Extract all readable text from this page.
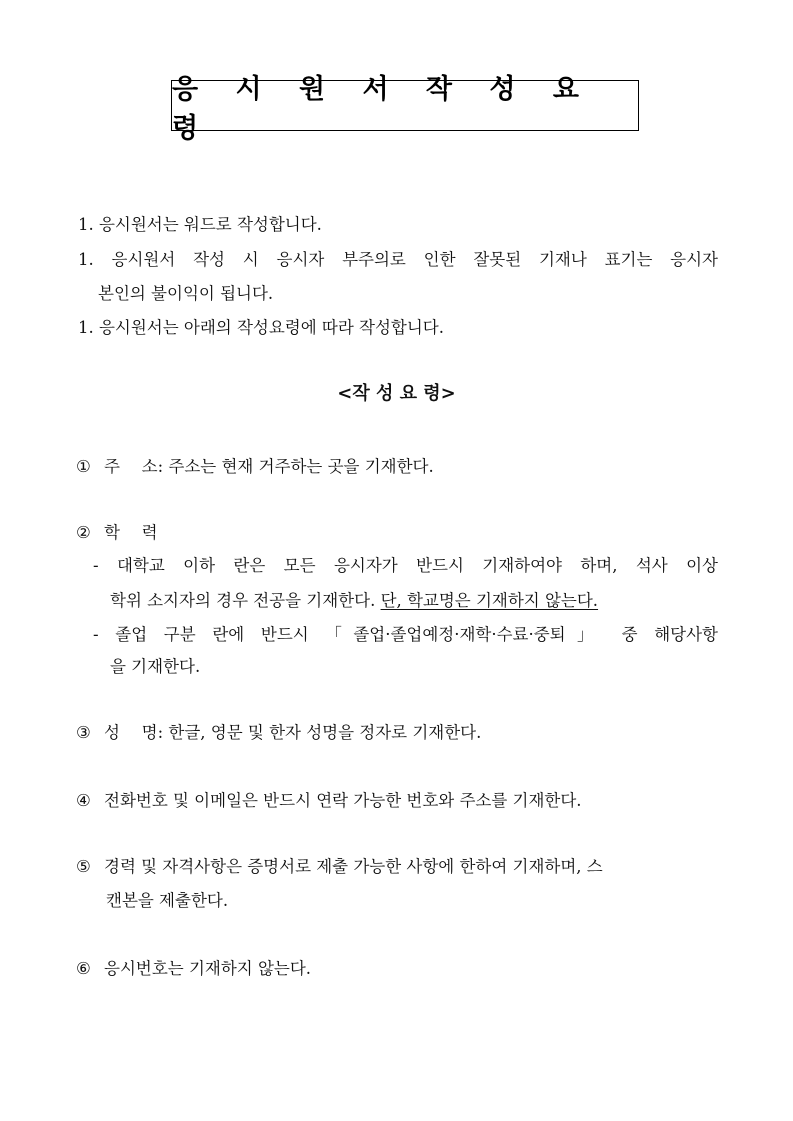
응 시 원 서 작 성 요 령
1. 응시원서는 워드로 작성합니다.
1. 응시원서 작성 시 응시자 부주의로 인한 잘못된 기재나 표기는 응시자
본인의 불이익이 됩니다.
1. 응시원서는 아래의 작성요령에 따라 작성합니다.
<작 성 요 령>
① 주　 소: 주소는 현재 거주하는 곳을 기재한다.
② 학　 력
- 대학교 이하 란은 모든 응시자가 반드시 기재하여야 하며, 석사 이상
학위 소지자의 경우 전공을 기재한다. 단, 학교명은 기재하지 않는다.
- 졸업 구분 란에 반드시 「졸업·졸업예정·재학·수료·중퇴」 중 해당사항
을 기재한다.
③ 성　 명: 한글, 영문 및 한자 성명을 정자로 기재한다.
④ 전화번호 및 이메일은 반드시 연락 가능한 번호와 주소를 기재한다.
⑤ 경력 및 자격사항은 증명서로 제출 가능한 사항에 한하여 기재하며, 스
캔본을 제출한다.
⑥ 응시번호는 기재하지 않는다.
